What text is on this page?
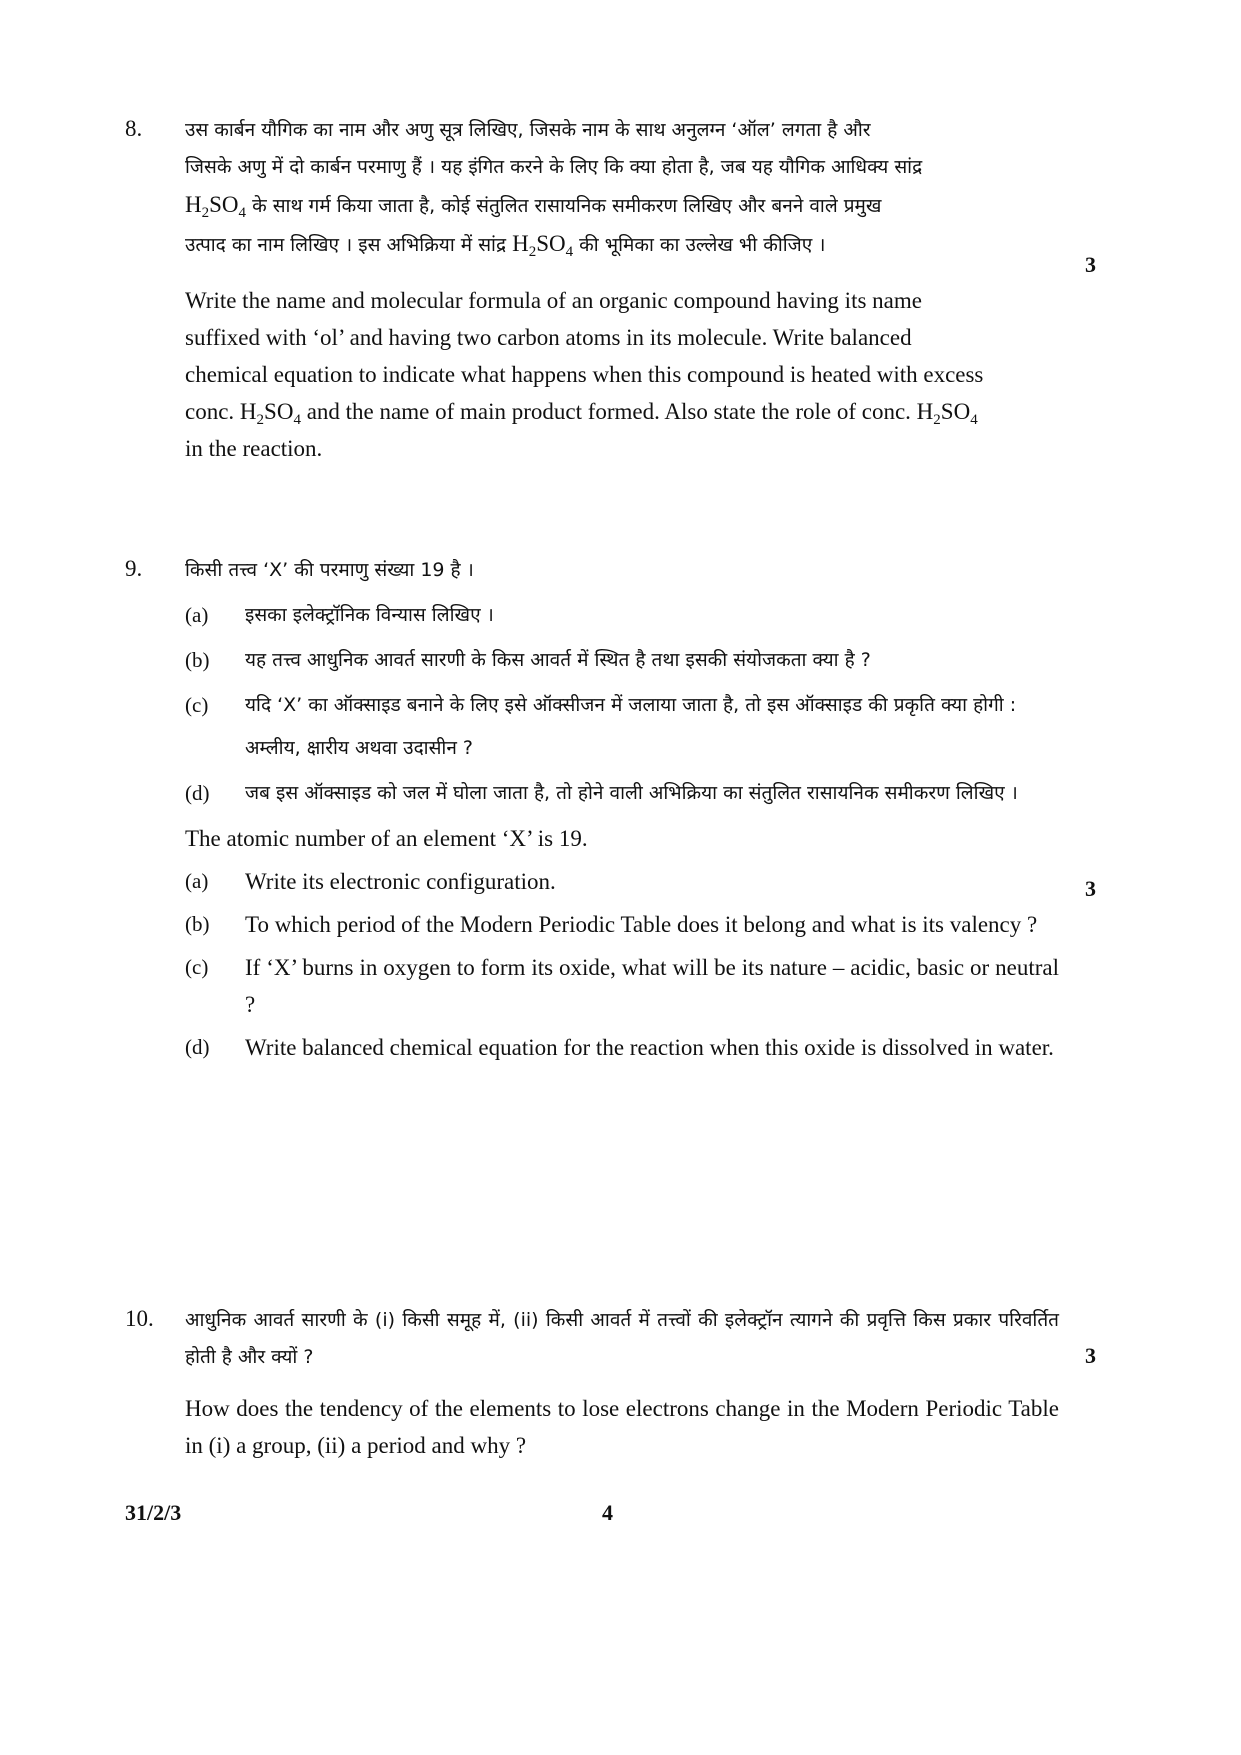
8. उस कार्बन यौगिक का नाम और अणु सूत्र लिखिए, जिसके नाम के साथ अनुलग्न ‘ऑल’ लगता है और

जिसके अणु में दो कार्बन परमाणु हैं । यह इंगित करने के लिए कि क्या होता है, जब यह यौगिक आधिक्य सांद्र

$H_2SO_4$ के साथ गर्म किया जाता है, कोई संतुलित रासायनिक समीकरण लिखिए और बनने वाले प्रमुख

उत्पाद का नाम लिखिए । इस अभिक्रिया में सांद्र $H_2SO_4$ की भूमिका का उल्लेख भी कीजिए ।

Write the name and molecular formula of an organic compound having its name

suffixed with ‘ol’ and having two carbon atoms in its molecule. Write balanced

chemical equation to indicate what happens when this compound is heated with excess

conc. $H_2SO_4$ and the name of main product formed. Also state the role of conc. $H_2SO_4$

in the reaction.

3
9. किसी तत्त्व ‘X’ की परमाणु संख्या 19 है ।

(a) इसका इलेक्ट्रॉनिक विन्यास लिखिए ।

(b) यह तत्त्व आधुनिक आवर्त सारणी के किस आवर्त में स्थित है तथा इसकी संयोजकता क्या है ?

(c) यदि ‘X’ का ऑक्साइड बनाने के लिए इसे ऑक्सीजन में जलाया जाता है, तो इस ऑक्साइड की प्रकृति क्या होगी :

अम्लीय, क्षारीय अथवा उदासीन ?

(d) जब इस ऑक्साइड को जल में घोला जाता है, तो होने वाली अभिक्रिया का संतुलित रासायनिक समीकरण लिखिए ।

The atomic number of an element ‘X’ is 19.

(a) Write its electronic configuration.

(b) To which period of the Modern Periodic Table does it belong and what is its valency ?

(c) If ‘X’ burns in oxygen to form its oxide, what will be its nature – acidic, basic or neutral ?

(d) Write balanced chemical equation for the reaction when this oxide is dissolved in water.

3
10. आधुनिक आवर्त सारणी के (i) किसी समूह में, (ii) किसी आवर्त में तत्त्वों की इलेक्ट्रॉन त्यागने की प्रवृत्ति किस प्रकार परिवर्तित होती है और क्यों ?

How does the tendency of the elements to lose electrons change in the Modern Periodic Table in (i) a group, (ii) a period and why ?

3
31/2/3	4
